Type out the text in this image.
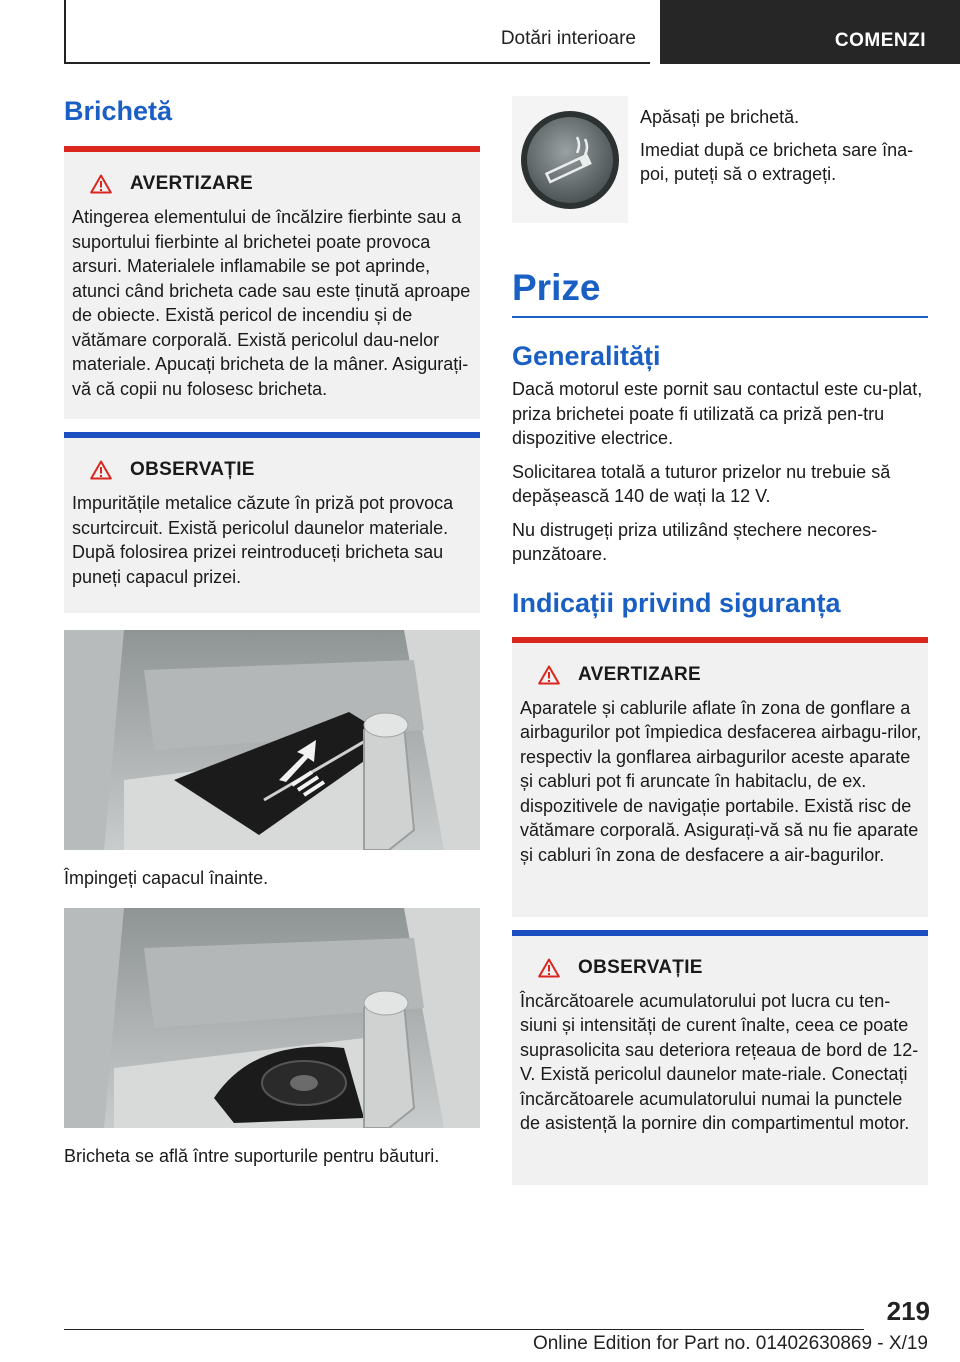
Dotări interioare	COMENZI
Brichetă
AVERTIZARE

Atingerea elementului de încălzire fierbinte sau a suportului fierbinte al brichetei poate provoca arsuri. Materialele inflamabile se pot aprinde, atunci când bricheta cade sau este ținută aproape de obiecte. Există pericol de incendiu și de vătămare corporală. Există pericolul dau-nelor materiale. Apucați bricheta de la mâner. Asigurați-vă că copii nu folosesc bricheta.

OBSERVAȚIE

Impuritățile metalice căzute în priză pot provoca scurtcircuit. Există pericolul daunelor materiale. După folosirea prizei reintroduceți bricheta sau puneți capacul prizei.

Împingeți capacul înainte.

Bricheta se află între suporturile pentru băuturi.

Apăsați pe brichetă.

Imediat după ce bricheta sare îna-poi, puteți să o extrageți.

Prize
Generalități

Dacă motorul este pornit sau contactul este cu-plat, priza brichetei poate fi utilizată ca priză pen-tru dispozitive electrice.

Solicitarea totală a tuturor prizelor nu trebuie să depășească 140 de wați la 12 V.

Nu distrugeți priza utilizând ștechere necores-punzătoare.

Indicații privind siguranța
AVERTIZARE

Aparatele și cablurile aflate în zona de gonflare a airbagurilor pot împiedica desfacerea airbagu-rilor, respectiv la gonflarea airbagurilor aceste aparate și cabluri pot fi aruncate în habitaclu, de ex. dispozitivele de navigație portabile. Există risc de vătămare corporală. Asigurați-vă să nu fie aparate și cabluri în zona de desfacere a air-bagurilor.

OBSERVAȚIE

Încărcătoarele acumulatorului pot lucra cu ten-siuni și intensități de curent înalte, ceea ce poate suprasolicita sau deteriora rețeaua de bord de 12-V. Există pericolul daunelor mate-riale. Conectați încărcătoarele acumulatorului numai la punctele de asistență la pornire din compartimentul motor.

219
Online Edition for Part no. 01402630869 - X/19
